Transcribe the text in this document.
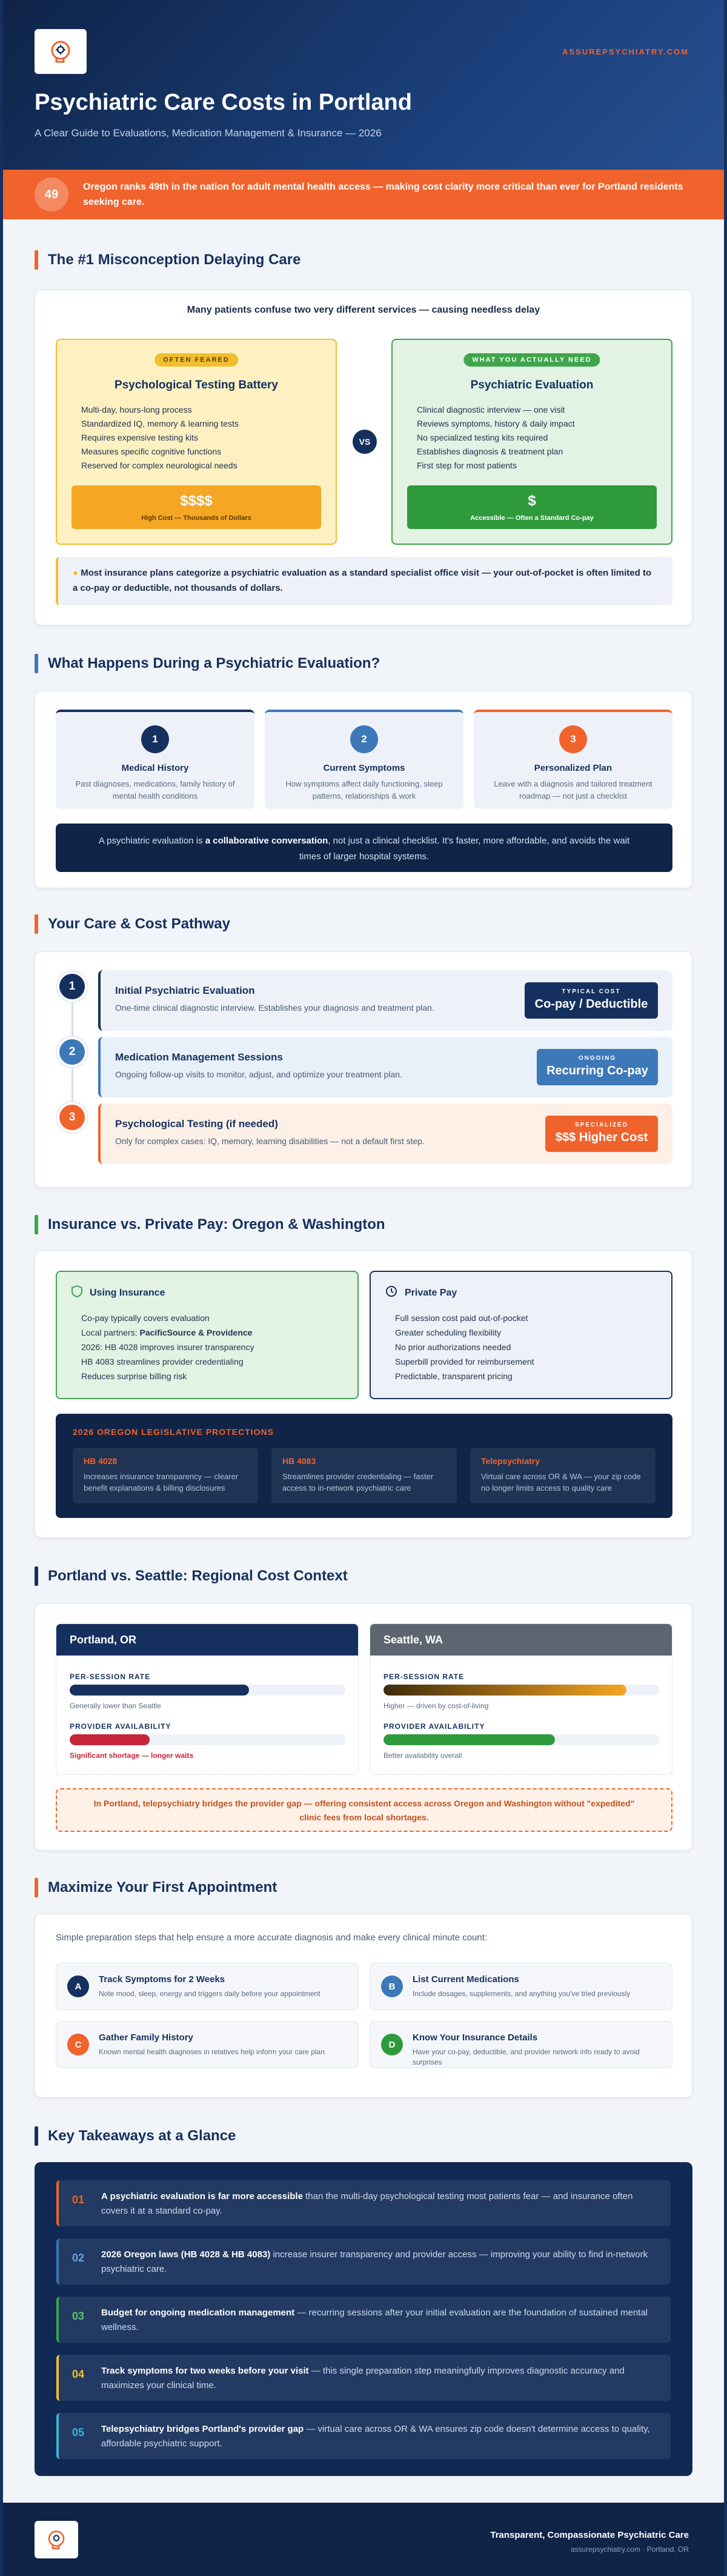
ASSUREPSYCHIATRY.COM
Psychiatric Care Costs in Portland
A Clear Guide to Evaluations, Medication Management & Insurance — 2026
49
Oregon ranks 49th in the nation for adult mental health access — making cost clarity more critical than ever for Portland residents seeking care.
The #1 Misconception Delaying Care
Many patients confuse two very different services — causing needless delay
OFTEN FEARED
Psychological Testing Battery
Multi-day, hours-long process
Standardized IQ, memory & learning tests
Requires expensive testing kits
Measures specific cognitive functions
Reserved for complex neurological needs
$$$$
High Cost — Thousands of Dollars
VS
WHAT YOU ACTUALLY NEED
Psychiatric Evaluation
Clinical diagnostic interview — one visit
Reviews symptoms, history & daily impact
No specialized testing kits required
Establishes diagnosis & treatment plan
First step for most patients
$
Accessible — Often a Standard Co-pay
● Most insurance plans categorize a psychiatric evaluation as a standard specialist office visit — your out-of-pocket is often limited to a co-pay or deductible, not thousands of dollars.
What Happens During a Psychiatric Evaluation?
1
Medical History
Past diagnoses, medications, family history of mental health conditions
2
Current Symptoms
How symptoms affect daily functioning, sleep patterns, relationships & work
3
Personalized Plan
Leave with a diagnosis and tailored treatment roadmap — not just a checklist
A psychiatric evaluation is a collaborative conversation, not just a clinical checklist. It's faster, more affordable, and avoids the wait times of larger hospital systems.
Your Care & Cost Pathway
1
2
3
Initial Psychiatric Evaluation
One-time clinical diagnostic interview. Establishes your diagnosis and treatment plan.
TYPICAL COST
Co-pay / Deductible
Medication Management Sessions
Ongoing follow-up visits to monitor, adjust, and optimize your treatment plan.
ONGOING
Recurring Co-pay
Psychological Testing (if needed)
Only for complex cases: IQ, memory, learning disabilities — not a default first step.
SPECIALIZED
$$$ Higher Cost
Insurance vs. Private Pay: Oregon & Washington
Using Insurance
Co-pay typically covers evaluation
Local partners: PacificSource & Providence
2026: HB 4028 improves insurer transparency
HB 4083 streamlines provider credentialing
Reduces surprise billing risk
Private Pay
Full session cost paid out-of-pocket
Greater scheduling flexibility
No prior authorizations needed
Superbill provided for reimbursement
Predictable, transparent pricing
2026 OREGON LEGISLATIVE PROTECTIONS
HB 4028
Increases insurance transparency — clearer benefit explanations & billing disclosures
HB 4083
Streamlines provider credentialing — faster access to in-network psychiatric care
Telepsychiatry
Virtual care across OR & WA — your zip code no longer limits access to quality care
Portland vs. Seattle: Regional Cost Context
Portland, OR
PER-SESSION RATE
Generally lower than Seattle
PROVIDER AVAILABILITY
Significant shortage — longer waits
Seattle, WA
PER-SESSION RATE
Higher — driven by cost-of-living
PROVIDER AVAILABILITY
Better availability overall
In Portland, telepsychiatry bridges the provider gap — offering consistent access across Oregon and Washington without "expedited" clinic fees from local shortages.
Maximize Your First Appointment
Simple preparation steps that help ensure a more accurate diagnosis and make every clinical minute count:
A
Track Symptoms for 2 Weeks
Note mood, sleep, energy and triggers daily before your appointment
B
List Current Medications
Include dosages, supplements, and anything you've tried previously
C
Gather Family History
Known mental health diagnoses in relatives help inform your care plan
D
Know Your Insurance Details
Have your co-pay, deductible, and provider network info ready to avoid surprises
Key Takeaways at a Glance
01 A psychiatric evaluation is far more accessible than the multi-day psychological testing most patients fear — and insurance often covers it at a standard co-pay.
02 2026 Oregon laws (HB 4028 & HB 4083) increase insurer transparency and provider access — improving your ability to find in-network psychiatric care.
03 Budget for ongoing medication management — recurring sessions after your initial evaluation are the foundation of sustained mental wellness.
04 Track symptoms for two weeks before your visit — this single preparation step meaningfully improves diagnostic accuracy and maximizes your clinical time.
05 Telepsychiatry bridges Portland's provider gap — virtual care across OR & WA ensures zip code doesn't determine access to quality, affordable psychiatric support.
Transparent, Compassionate Psychiatric Care
assurepsychiatry.com · Portland, OR
